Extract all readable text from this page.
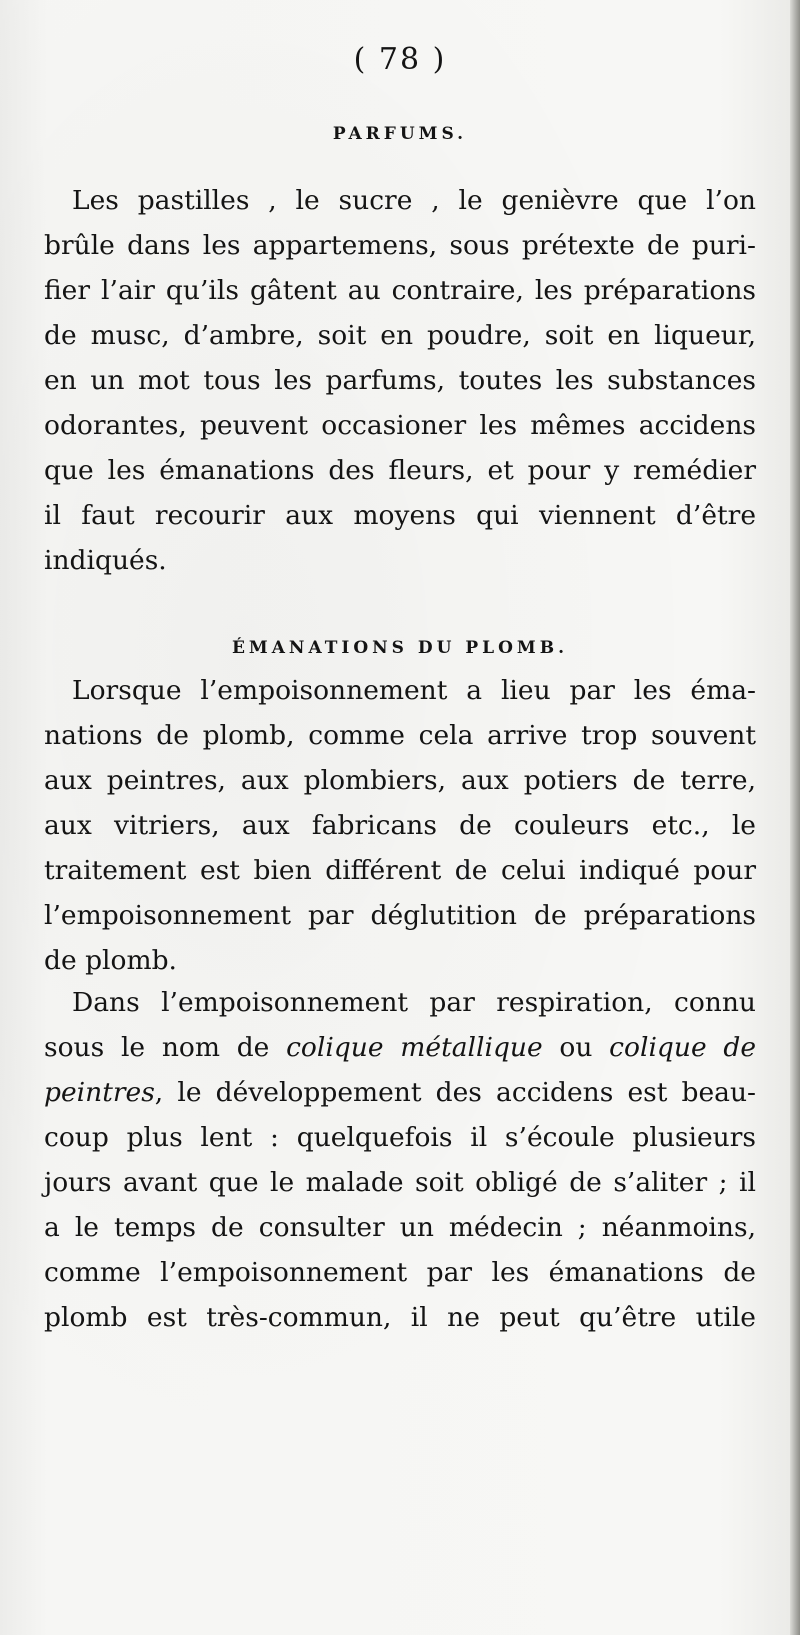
( 78 )
PARFUMS.

Les pastilles , le sucre , le genièvre que l’on
brûle dans les appartemens, sous prétexte de puri-
fier l’air qu’ils gâtent au contraire, les préparations
de musc, d’ambre, soit en poudre, soit en liqueur,
en un mot tous les parfums, toutes les substances
odorantes, peuvent occasioner les mêmes accidens
que les émanations des fleurs, et pour y remédier
il faut recourir aux moyens qui viennent d’être
indiqués.

ÉMANATIONS DU PLOMB.

Lorsque l’empoisonnement a lieu par les éma-
nations de plomb, comme cela arrive trop souvent
aux peintres, aux plombiers, aux potiers de terre,
aux vitriers, aux fabricans de couleurs etc., le
traitement est bien différent de celui indiqué pour
l’empoisonnement par déglutition de préparations
de plomb.

Dans l’empoisonnement par respiration, connu
sous le nom de colique métallique ou colique de
peintres, le développement des accidens est beau-
coup plus lent : quelquefois il s’écoule plusieurs
jours avant que le malade soit obligé de s’aliter ; il
a le temps de consulter un médecin ; néanmoins,
comme l’empoisonnement par les émanations de
plomb est très-commun, il ne peut qu’être utile
